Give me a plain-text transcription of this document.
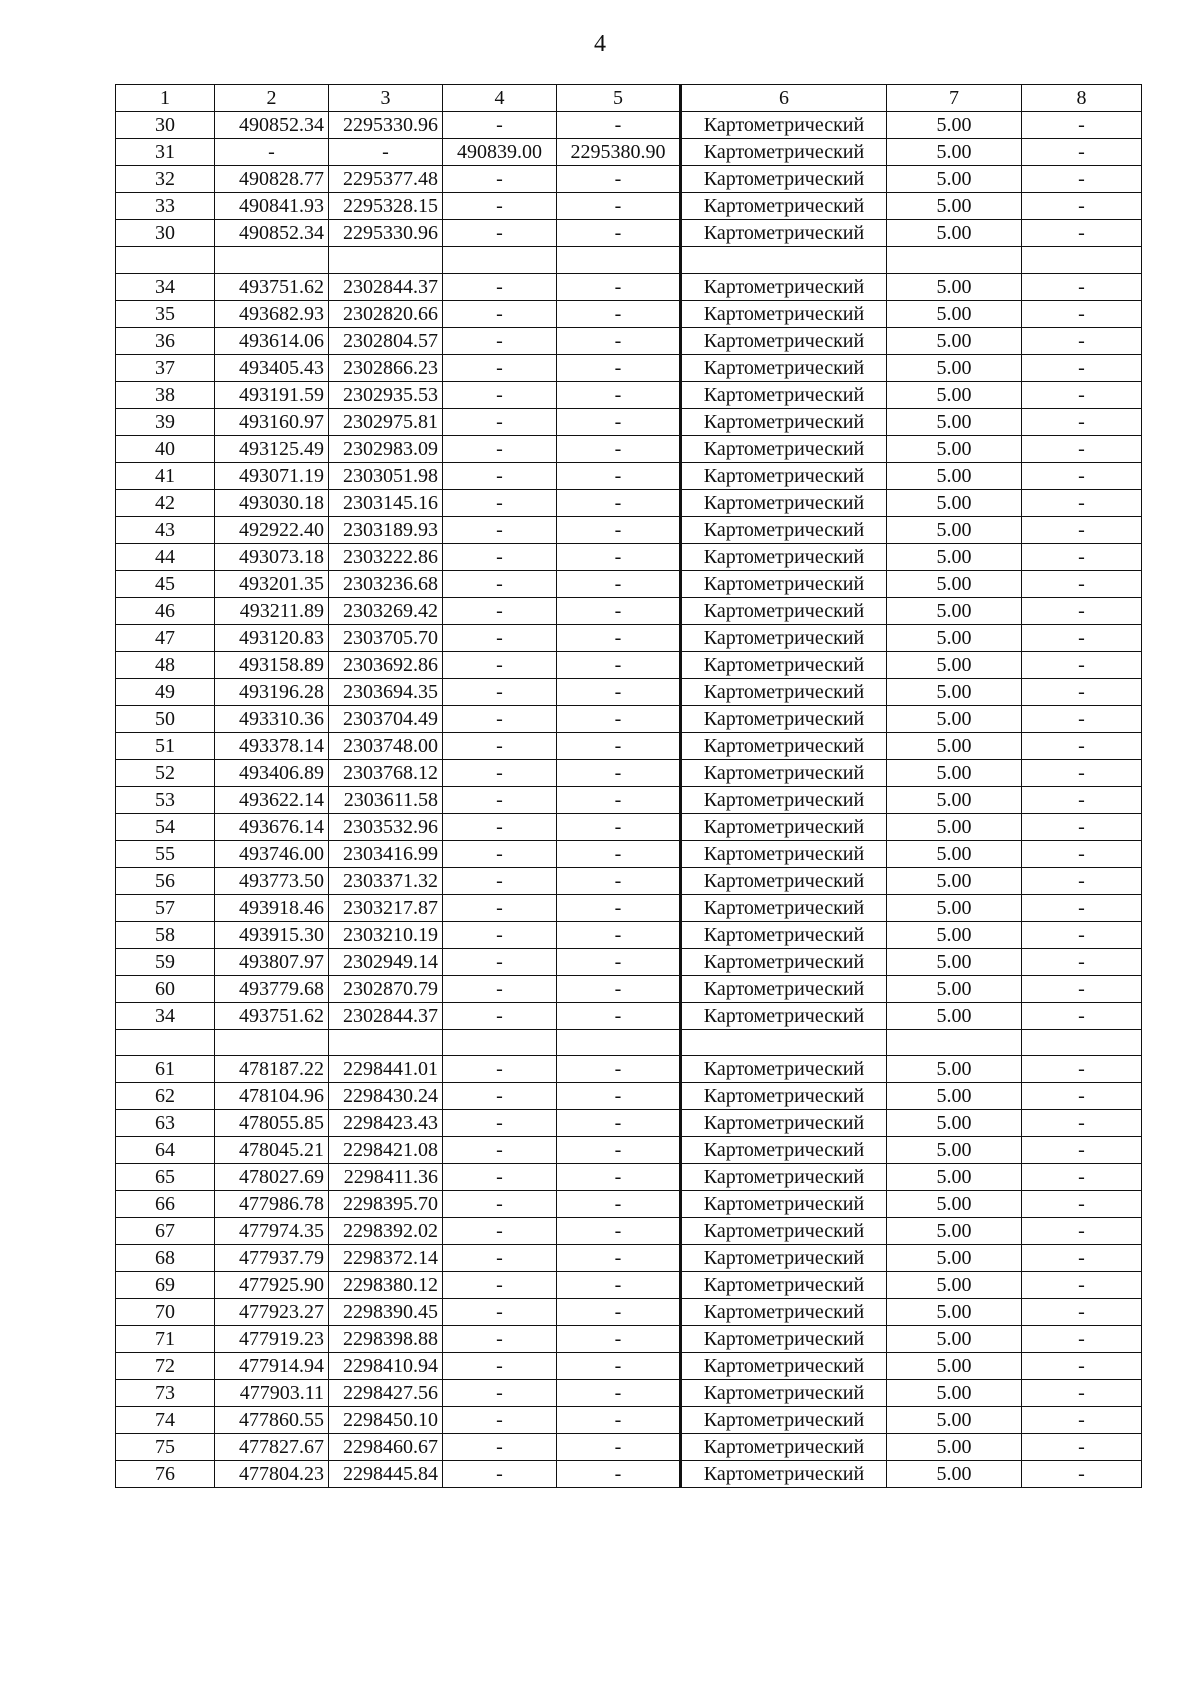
4
1	2	3	4	5	6	7	8
30	490852.34	2295330.96	-	-	Картометрический	5.00	-
31	-	-	490839.00	2295380.90	Картометрический	5.00	-
32	490828.77	2295377.48	-	-	Картометрический	5.00	-
33	490841.93	2295328.15	-	-	Картометрический	5.00	-
30	490852.34	2295330.96	-	-	Картометрический	5.00	-

34	493751.62	2302844.37	-	-	Картометрический	5.00	-
35	493682.93	2302820.66	-	-	Картометрический	5.00	-
36	493614.06	2302804.57	-	-	Картометрический	5.00	-
37	493405.43	2302866.23	-	-	Картометрический	5.00	-
38	493191.59	2302935.53	-	-	Картометрический	5.00	-
39	493160.97	2302975.81	-	-	Картометрический	5.00	-
40	493125.49	2302983.09	-	-	Картометрический	5.00	-
41	493071.19	2303051.98	-	-	Картометрический	5.00	-
42	493030.18	2303145.16	-	-	Картометрический	5.00	-
43	492922.40	2303189.93	-	-	Картометрический	5.00	-
44	493073.18	2303222.86	-	-	Картометрический	5.00	-
45	493201.35	2303236.68	-	-	Картометрический	5.00	-
46	493211.89	2303269.42	-	-	Картометрический	5.00	-
47	493120.83	2303705.70	-	-	Картометрический	5.00	-
48	493158.89	2303692.86	-	-	Картометрический	5.00	-
49	493196.28	2303694.35	-	-	Картометрический	5.00	-
50	493310.36	2303704.49	-	-	Картометрический	5.00	-
51	493378.14	2303748.00	-	-	Картометрический	5.00	-
52	493406.89	2303768.12	-	-	Картометрический	5.00	-
53	493622.14	2303611.58	-	-	Картометрический	5.00	-
54	493676.14	2303532.96	-	-	Картометрический	5.00	-
55	493746.00	2303416.99	-	-	Картометрический	5.00	-
56	493773.50	2303371.32	-	-	Картометрический	5.00	-
57	493918.46	2303217.87	-	-	Картометрический	5.00	-
58	493915.30	2303210.19	-	-	Картометрический	5.00	-
59	493807.97	2302949.14	-	-	Картометрический	5.00	-
60	493779.68	2302870.79	-	-	Картометрический	5.00	-
34	493751.62	2302844.37	-	-	Картометрический	5.00	-

61	478187.22	2298441.01	-	-	Картометрический	5.00	-
62	478104.96	2298430.24	-	-	Картометрический	5.00	-
63	478055.85	2298423.43	-	-	Картометрический	5.00	-
64	478045.21	2298421.08	-	-	Картометрический	5.00	-
65	478027.69	2298411.36	-	-	Картометрический	5.00	-
66	477986.78	2298395.70	-	-	Картометрический	5.00	-
67	477974.35	2298392.02	-	-	Картометрический	5.00	-
68	477937.79	2298372.14	-	-	Картометрический	5.00	-
69	477925.90	2298380.12	-	-	Картометрический	5.00	-
70	477923.27	2298390.45	-	-	Картометрический	5.00	-
71	477919.23	2298398.88	-	-	Картометрический	5.00	-
72	477914.94	2298410.94	-	-	Картометрический	5.00	-
73	477903.11	2298427.56	-	-	Картометрический	5.00	-
74	477860.55	2298450.10	-	-	Картометрический	5.00	-
75	477827.67	2298460.67	-	-	Картометрический	5.00	-
76	477804.23	2298445.84	-	-	Картометрический	5.00	-
